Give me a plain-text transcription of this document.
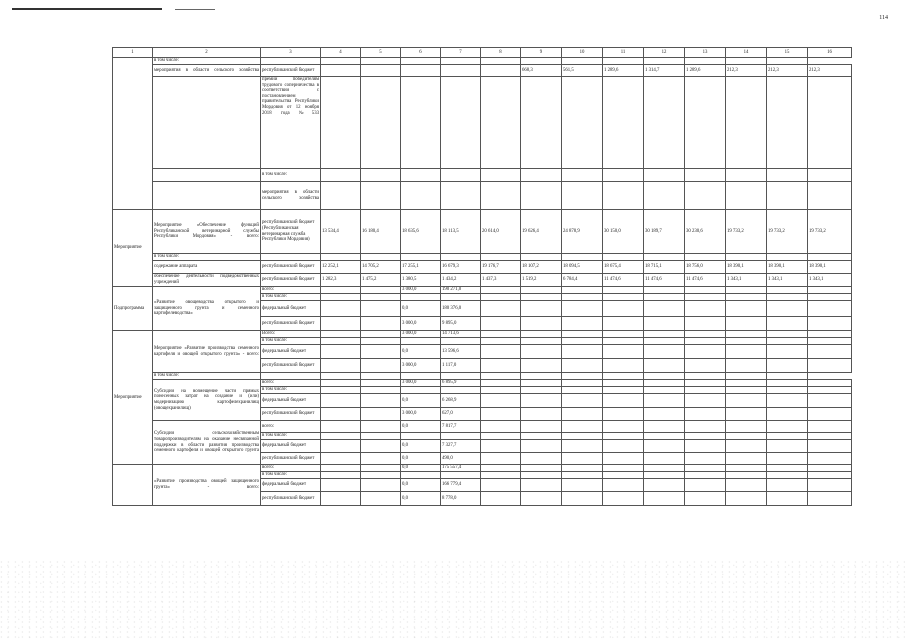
114
1	2	3	4	5	6	7	8	9	10	11	12	13	14	15	16
	в том числе:														
	мероприятия в области сельского хозяйства	республиканский бюджет						668,3	561,5	1 289,6	1 314,7	1 289,6	212,3	212,3	212,3
		премии победителям трудового соперничества в соответствии с постановлением правительства Республики Мордовия от 12 ноября 2018 года №533													
		в том числе:													
		мероприятия в области сельского хозяйства													
Мероприятие	Мероприятие «Обеспечение функций Республиканской ветеринарной службы Республики Мордовия» - всего:	республиканский бюджет (Республиканская ветеринарная служба Республики Мордовия)	13 534,4	16 180,4	18 635,6	18 113,5	20 614,0	19 626,4	24 878,9	30 150,0	30 189,7	30 230,6	19 733,2	19 733,2	19 733,2
	в том числе:														
	содержание аппарата	республиканский бюджет	12 252,1	14 705,2	17 255,1	16 679,3	19 176,7	18 107,2	18 094,5	18 675,4	18 715,1	18 756,0	18 390,1	18 390,1	18 390,1
	обеспечение деятельности подведомственных учреждений	республиканский бюджет	1 282,3	1 475,2	1 380,5	1 434,2	1 437,3	1 519,2	6 784,4	11 474,6	11 474,6	11 474,6	1 343,1	1 343,1	1 343,1
Подпрограмма	«Развитие овощеводства открытого и защищенного грунта и семенного картофелеводства»	всего:			3 000,0	190 271,0									
		в том числе:													
		федеральный бюджет			0,0	180 376,0									
		республиканский бюджет			3 000,0	9 895,0									
Мероприятие	Мероприятие «Развитие производства семенного картофеля и овощей открытого грунта» - всего:	Всего:			3 000,0	14 713,6									
		в том числе:													
		федеральный бюджет			0,0	13 596,6									
		республиканский бюджет			3 000,0	1 117,0									
	в том числе:														
	Субсидии на возмещение части прямых понесенных затрат на создание и (или) модернизацию картофелехранилищ (овощехранилищ)	всего:			3 000,0	6 895,9									
		в том числе:													
		федеральный бюджет			0,0	6 268,9									
		республиканский бюджет			3 000,0	627,0									
	Субсидии сельскохозяйственным товаропроизводителям на оказание несвязанной поддержки в области развития производства семенного картофеля и овощей открытого грунта	всего:			0,0	7 817,7									
		в том числе:													
		федеральный бюджет			0,0	7 327,7									
		республиканский бюджет			0,0	490,0									
	«Развитие производства овощей защищенного грунта» - всего:	всего:			0,0	175 557,4									
		в том числе:													
		федеральный бюджет			0,0	166 779,4									
		республиканский бюджет			0,0	8 778,0									
